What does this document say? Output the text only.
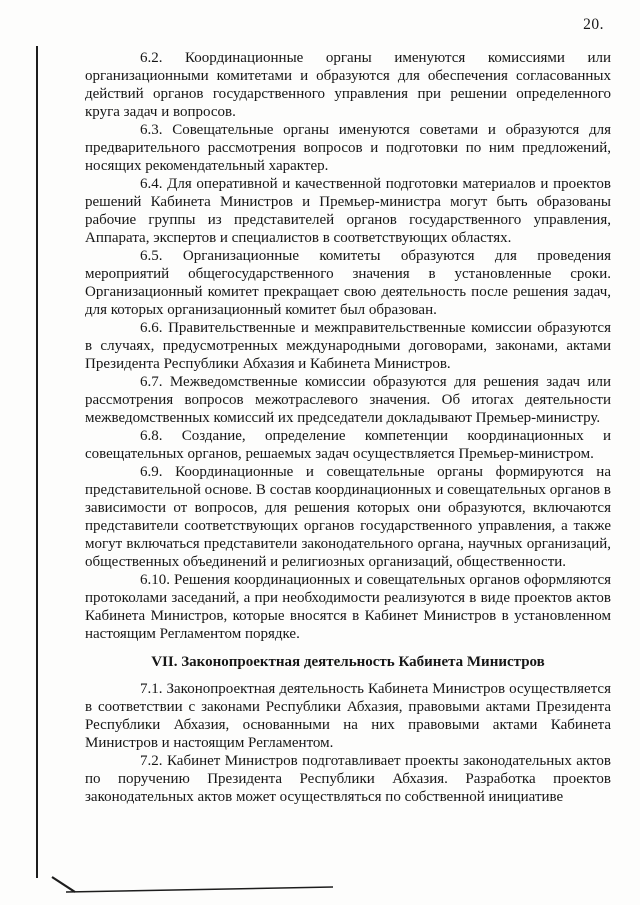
20.

6.2. Координационные органы именуются комиссиями или организационными комитетами и образуются для обеспечения согласованных действий органов государственного управления при решении определенного круга задач и вопросов.

6.3. Совещательные органы именуются советами и образуются для предварительного рассмотрения вопросов и подготовки по ним предложений, носящих рекомендательный характер.

6.4. Для оперативной и качественной подготовки материалов и проектов решений Кабинета Министров и Премьер-министра могут быть образованы рабочие группы из представителей органов государственного управления, Аппарата, экспертов и специалистов в соответствующих областях.

6.5. Организационные комитеты образуются для проведения мероприятий общегосударственного значения в установленные сроки. Организационный комитет прекращает свою деятельность после решения задач, для которых организационный комитет был образован.

6.6. Правительственные и межправительственные комиссии образуются в случаях, предусмотренных международными договорами, законами, актами Президента Республики Абхазия и Кабинета Министров.

6.7. Межведомственные комиссии образуются для решения задач или рассмотрения вопросов межотраслевого значения. Об итогах деятельности межведомственных комиссий их председатели докладывают Премьер-министру.

6.8. Создание, определение компетенции координационных и совещательных органов, решаемых задач осуществляется Премьер-министром.

6.9. Координационные и совещательные органы формируются на представительной основе. В состав координационных и совещательных органов в зависимости от вопросов, для решения которых они образуются, включаются представители соответствующих органов государственного управления, а также могут включаться представители законодательного органа, научных организаций, общественных объединений и религиозных организаций, общественности.

6.10. Решения координационных и совещательных органов оформляются протоколами заседаний, а при необходимости реализуются в виде проектов актов Кабинета Министров, которые вносятся в Кабинет Министров в установленном настоящим Регламентом порядке.

VII. Законопроектная деятельность Кабинета Министров

7.1. Законопроектная деятельность Кабинета Министров осуществляется в соответствии с законами Республики Абхазия, правовыми актами Президента Республики Абхазия, основанными на них правовыми актами Кабинета Министров и настоящим Регламентом.

7.2. Кабинет Министров подготавливает проекты законодательных актов по поручению Президента Республики Абхазия. Разработка проектов законодательных актов может осуществляться по собственной инициативе
